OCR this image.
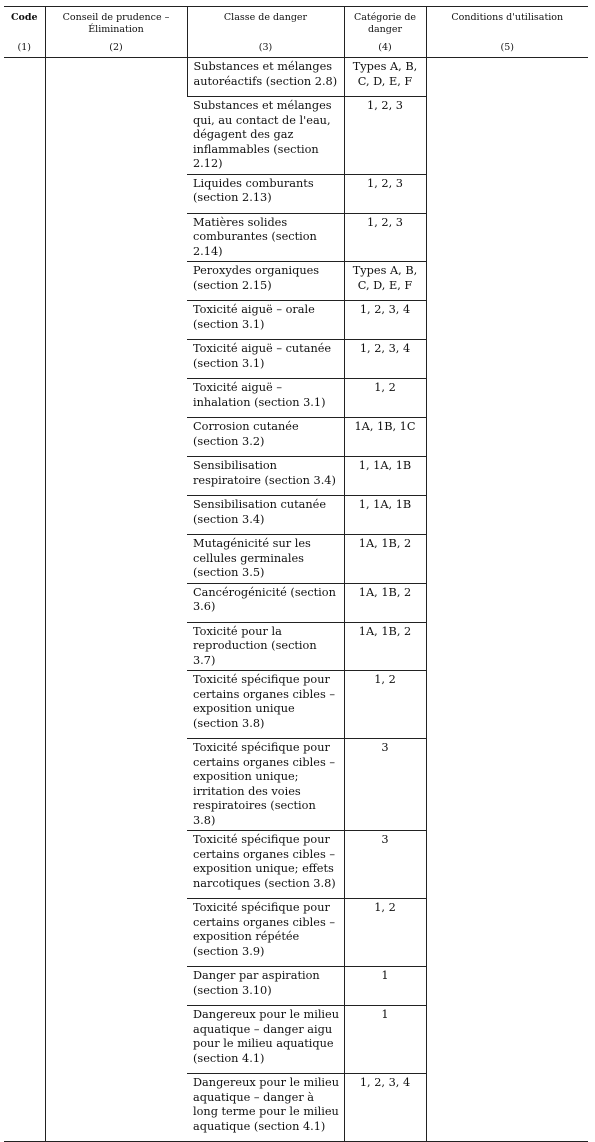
Code	Conseil de prudence – Élimination	Classe de danger	Catégorie de danger	Conditions d'utilisation
(1)	(2)	(3)	(4)	(5)
		Substances et mélanges autoréactifs (section 2.8)	Types A, B, C, D, E, F	
		Substances et mélanges qui, au contact de l'eau, dégagent des gaz inflammables (section 2.12)	1, 2, 3	
		Liquides comburants (section 2.13)	1, 2, 3	
		Matières solides comburantes (section 2.14)	1, 2, 3	
		Peroxydes organiques (section 2.15)	Types A, B, C, D, E, F	
		Toxicité aiguë – orale (section 3.1)	1, 2, 3, 4	
		Toxicité aiguë – cutanée (section 3.1)	1, 2, 3, 4	
		Toxicité aiguë – inhalation (section 3.1)	1, 2	
		Corrosion cutanée (section 3.2)	1A, 1B, 1C	
		Sensibilisation respiratoire (section 3.4)	1, 1A, 1B	
		Sensibilisation cutanée (section 3.4)	1, 1A, 1B	
		Mutagénicité sur les cellules germinales (section 3.5)	1A, 1B, 2	
		Cancérogénicité (section 3.6)	1A, 1B, 2	
		Toxicité pour la reproduction (section 3.7)	1A, 1B, 2	
		Toxicité spécifique pour certains organes cibles – exposition unique (section 3.8)	1, 2	
		Toxicité spécifique pour certains organes cibles – exposition unique; irritation des voies respiratoires (section 3.8)	3	
		Toxicité spécifique pour certains organes cibles – exposition unique; effets narcotiques (section 3.8)	3	
		Toxicité spécifique pour certains organes cibles – exposition répétée (section 3.9)	1, 2	
		Danger par aspiration (section 3.10)	1	
		Dangereux pour le milieu aquatique – danger aigu pour le milieu aquatique (section 4.1)	1	
		Dangereux pour le milieu aquatique – danger à long terme pour le milieu aquatique (section 4.1)	1, 2, 3, 4	
